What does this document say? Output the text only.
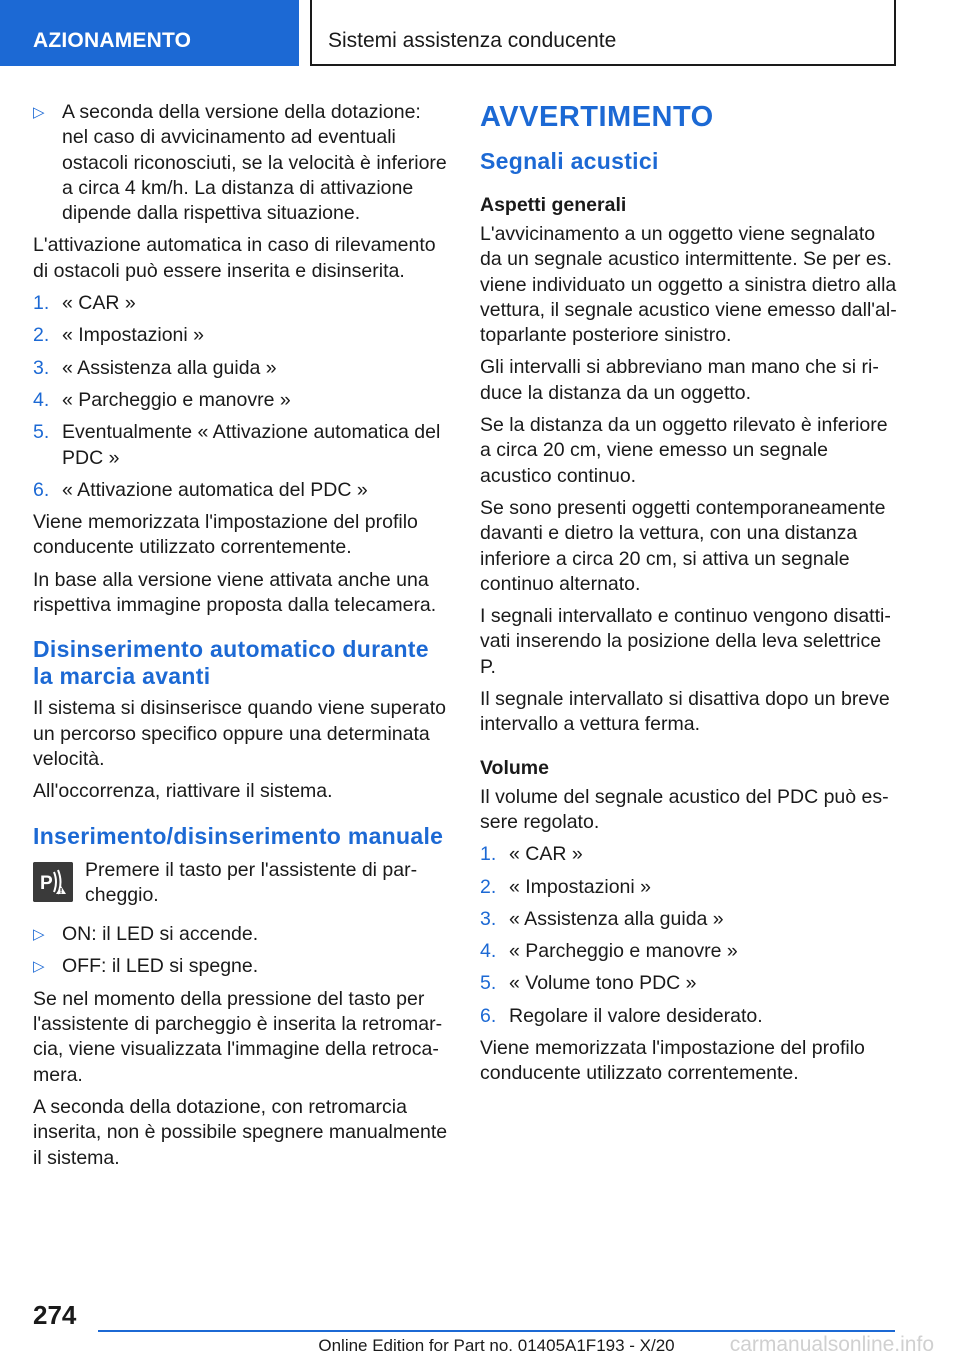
AZIONAMENTO	Sistemi assistenza conducente
▷ A seconda della versione della dotazione: nel caso di avvicinamento ad eventuali ostacoli riconosciuti, se la velocità è inferiore a circa 4 km/h. La distanza di attivazione dipende dalla rispettiva situazione.

L'attivazione automatica in caso di rilevamento di ostacoli può essere inserita e disinserita.

1. « CAR »
2. « Impostazioni »
3. « Assistenza alla guida »
4. « Parcheggio e manovre »
5. Eventualmente « Attivazione automatica del PDC »
6. « Attivazione automatica del PDC »

Viene memorizzata l'impostazione del profilo conducente utilizzato correntemente.

In base alla versione viene attivata anche una rispettiva immagine proposta dalla telecamera.

Disinserimento automatico durante la marcia avanti

Il sistema si disinserisce quando viene superato un percorso specifico oppure una determinata velocità.

All'occorrenza, riattivare il sistema.

Inserimento/disinserimento manuale
P
Premere il tasto per l'assistente di parcheggio.
▷ ON: il LED si accende.
▷ OFF: il LED si spegne.

Se nel momento della pressione del tasto per l'assistente di parcheggio è inserita la retromarcia, viene visualizzata l'immagine della retrocamera.

A seconda della dotazione, con retromarcia inserita, non è possibile spegnere manualmente il sistema.

AVVERTIMENTO
Segnali acustici
Aspetti generali

L'avvicinamento a un oggetto viene segnalato da un segnale acustico intermittente. Se per es. viene individuato un oggetto a sinistra dietro alla vettura, il segnale acustico viene emesso dall'altoparlante posteriore sinistro.

Gli intervalli si abbreviano man mano che si riduce la distanza da un oggetto.

Se la distanza da un oggetto rilevato è inferiore a circa 20 cm, viene emesso un segnale acustico continuo.

Se sono presenti oggetti contemporaneamente davanti e dietro la vettura, con una distanza inferiore a circa 20 cm, si attiva un segnale continuo alternato.

I segnali intervallato e continuo vengono disattivati inserendo la posizione della leva selettrice P.

Il segnale intervallato si disattiva dopo un breve intervallo a vettura ferma.

Volume

Il volume del segnale acustico del PDC può essere regolato.

1. « CAR »
2. « Impostazioni »
3. « Assistenza alla guida »
4. « Parcheggio e manovre »
5. « Volume tono PDC »
6. Regolare il valore desiderato.

Viene memorizzata l'impostazione del profilo conducente utilizzato correntemente.

274
Online Edition for Part no. 01405A1F193 - X/20	carmanualsonline.info
